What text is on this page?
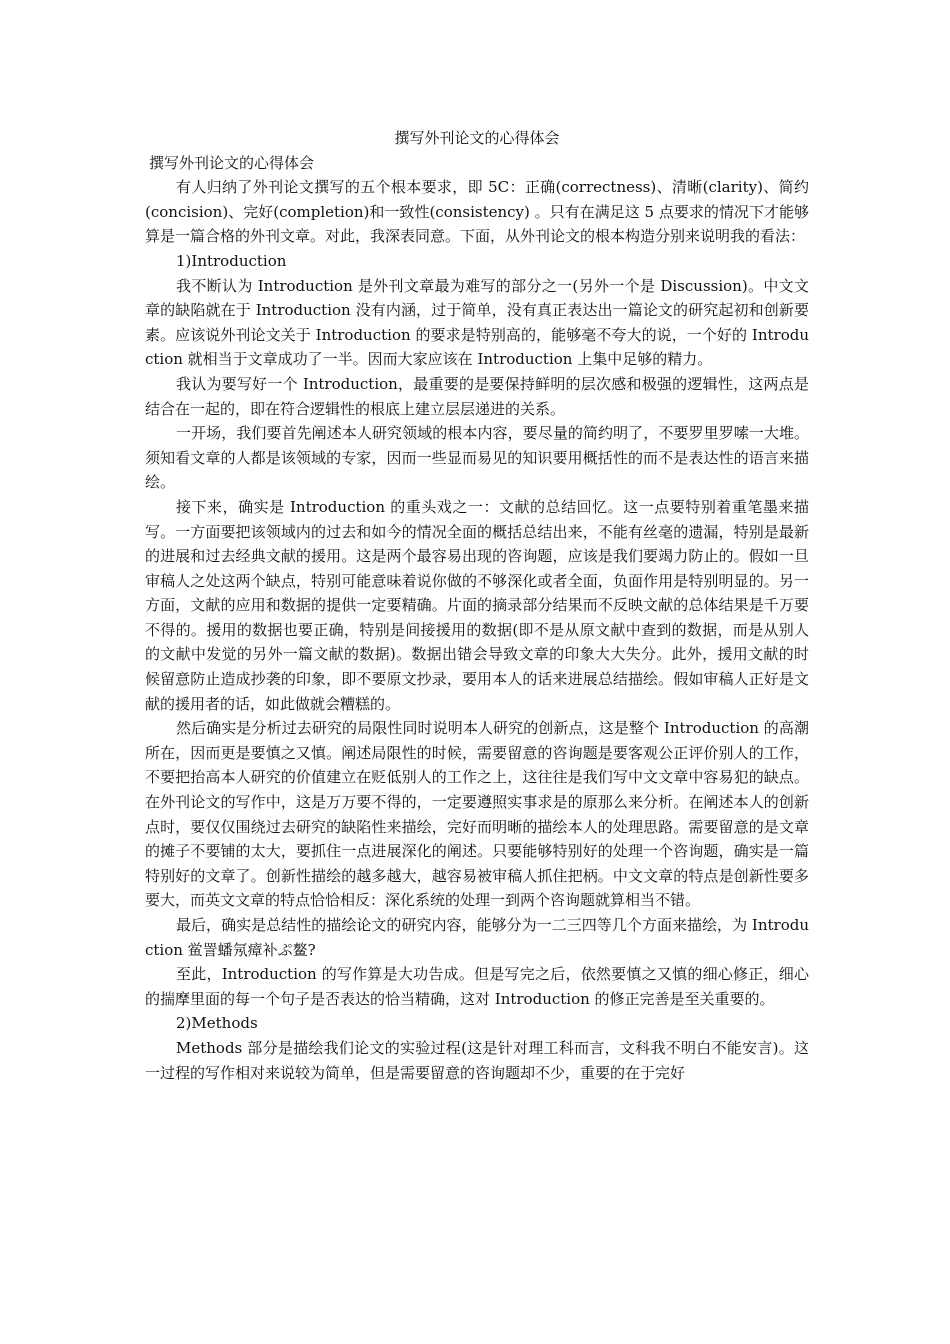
撰写外刊论文的心得体会

撰写外刊论文的心得体会

有人归纳了外刊论文撰写的五个根本要求，即 5C：正确(correctness)、清晰(clarity)、简约(concision)、完好(completion)和一致性(consistency) 。只有在满足这 5 点要求的情况下才能够算是一篇合格的外刊文章。对此，我深表同意。下面，从外刊论文的根本构造分别来说明我的看法：

1)Introduction

我不断认为 Introduction 是外刊文章最为难写的部分之一(另外一个是 Discussion)。中文文章的缺陷就在于 Introduction 没有内涵，过于简单，没有真正表达出一篇论文的研究起初和创新要素。应该说外刊论文关于 Introduction 的要求是特别高的，能够毫不夸大的说，一个好的 Introduction 就相当于文章成功了一半。因而大家应该在 Introduction 上集中足够的精力。

我认为要写好一个 Introduction，最重要的是要保持鲜明的层次感和极强的逻辑性，这两点是结合在一起的，即在符合逻辑性的根底上建立层层递进的关系。

一开场，我们要首先阐述本人研究领域的根本内容，要尽量的简约明了，不要罗里罗嗦一大堆。须知看文章的人都是该领域的专家，因而一些显而易见的知识要用概括性的而不是表达性的语言来描绘。

接下来，确实是 Introduction 的重头戏之一：文献的总结回忆。这一点要特别着重笔墨来描写。一方面要把该领域内的过去和如今的情况全面的概括总结出来，不能有丝毫的遗漏，特别是最新的进展和过去经典文献的援用。这是两个最容易出现的咨询题，应该是我们要竭力防止的。假如一旦审稿人之处这两个缺点，特别可能意味着说你做的不够深化或者全面，负面作用是特别明显的。另一方面，文献的应用和数据的提供一定要精确。片面的摘录部分结果而不反映文献的总体结果是千万要不得的。援用的数据也要正确，特别是间接援用的数据(即不是从原文献中查到的数据，而是从别人的文献中发觉的另外一篇文献的数据)。数据出错会导致文章的印象大大失分。此外，援用文献的时候留意防止造成抄袭的印象，即不要原文抄录，要用本人的话来进展总结描绘。假如审稿人正好是文献的援用者的话，如此做就会糟糕的。

然后确实是分析过去研究的局限性同时说明本人研究的创新点，这是整个 Introduction 的高潮所在，因而更是要慎之又慎。阐述局限性的时候，需要留意的咨询题是要客观公正评价别人的工作，不要把抬高本人研究的价值建立在贬低别人的工作之上，这往往是我们写中文文章中容易犯的缺点。在外刊论文的写作中，这是万万要不得的，一定要遵照实事求是的原那么来分析。在阐述本人的创新点时，要仅仅围绕过去研究的缺陷性来描绘，完好而明晰的描绘本人的处理思路。需要留意的是文章的摊子不要铺的太大，要抓住一点进展深化的阐述。只要能够特别好的处理一个咨询题，确实是一篇特别好的文章了。创新性描绘的越多越大，越容易被审稿人抓住把柄。中文文章的特点是创新性要多要大，而英文文章的特点恰恰相反：深化系统的处理一到两个咨询题就算相当不错。

最后，确实是总结性的描绘论文的研究内容，能够分为一二三四等几个方面来描绘，为 Introduction 鲎詈蟠氖瘴补ぷ鳌?

至此，Introduction 的写作算是大功告成。但是写完之后，依然要慎之又慎的细心修正，细心的揣摩里面的每一个句子是否表达的恰当精确，这对 Introduction 的修正完善是至关重要的。

2)Methods

Methods 部分是描绘我们论文的实验过程(这是针对理工科而言，文科我不明白不能安言)。这一过程的写作相对来说较为简单，但是需要留意的咨询题却不少，重要的在于完好
